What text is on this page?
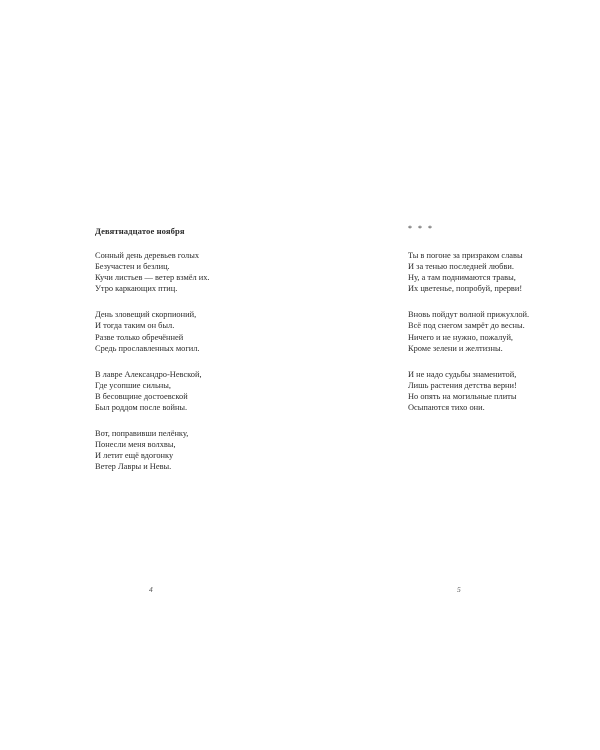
Девятнадцатое ноября
Сонный день деревьев голых
Безучастен и безлиц.
Кучи листьев — ветер взмёл их.
Утро каркающих птиц.
День зловещий скорпионий,
И тогда таким он был.
Разве только обречённей
Средь прославленных могил.
В лавре Александро-Невской,
Где усопшие сильны,
В бесовщине достоевской
Был роддом после войны.
Вот, поправивши пелёнку,
Понесли меня волхвы,
И летит ещё вдогонку
Ветер Лавры и Невы.
4	5
* * *
Ты в погоне за призраком славы
И за тенью последней любви.
Ну, а там поднимаются травы,
Их цветенье, попробуй, прерви!
Вновь пойдут волной прижухлой.
Всё под снегом замрёт до весны.
Ничего и не нужно, пожалуй,
Кроме зелени и желтизны.
И не надо судьбы знаменитой,
Лишь растения детства верни!
Но опять на могильные плиты
Осыпаются тихо они.
